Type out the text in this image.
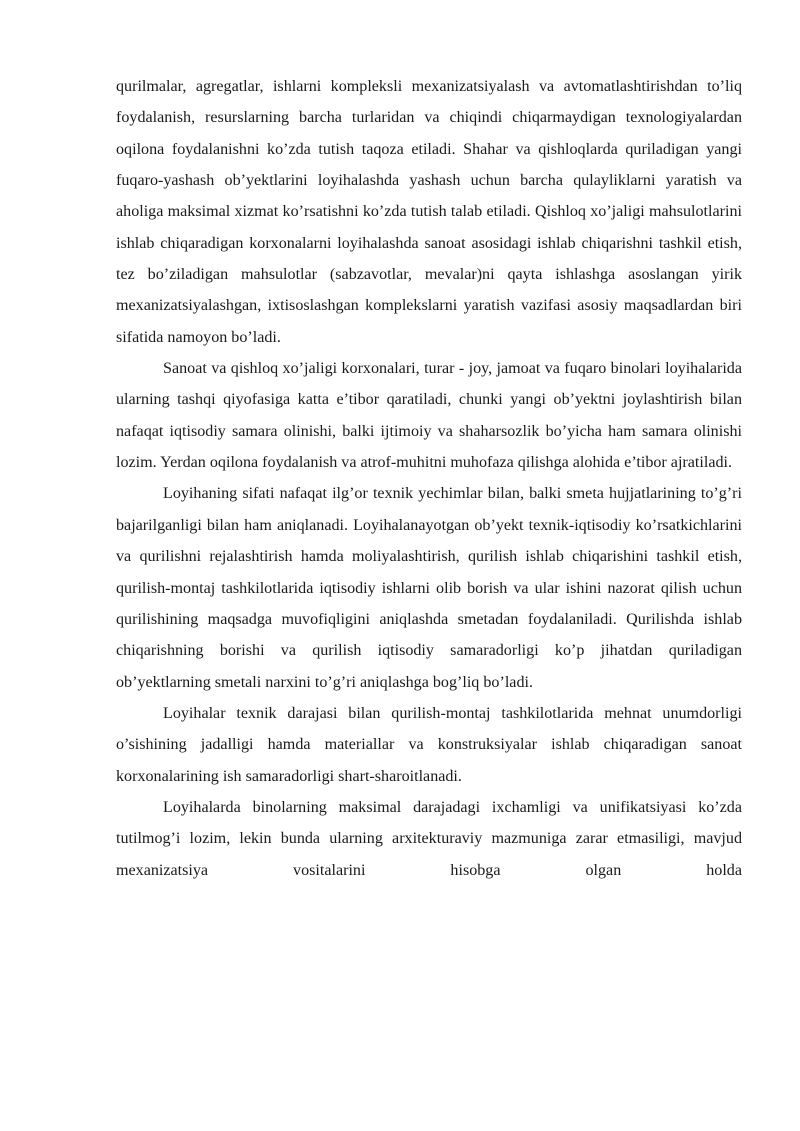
qurilmalar, agregatlar, ishlarni kompleksli mexanizatsiyalash va avtomatlashtirishdan to’liq foydalanish, resurslarning barcha turlaridan va chiqindi chiqarmaydigan texnologiyalardan oqilona foydalanishni ko’zda tutish taqoza etiladi. Shahar va qishloqlarda quriladigan yangi fuqaro-yashash ob’yektlarini loyihalashda yashash uchun barcha qulayliklarni yaratish va aholiga maksimal xizmat ko’rsatishni ko’zda tutish talab etiladi. Qishloq xo’jaligi mahsulotlarini ishlab chiqaradigan korxonalarni loyihalashda sanoat asosidagi ishlab chiqarishni tashkil etish, tez bo’ziladigan mahsulotlar (sabzavotlar, mevalar)ni qayta ishlashga asoslangan yirik mexanizatsiyalashgan, ixtisoslashgan komplekslarni yaratish vazifasi asosiy maqsadlardan biri sifatida namoyon bo’ladi.

Sanoat va qishloq xo’jaligi korxonalari, turar - joy, jamoat va fuqaro binolari loyihalarida ularning tashqi qiyofasiga katta e’tibor qaratiladi, chunki yangi ob’yektni joylashtirish bilan nafaqat iqtisodiy samara olinishi, balki ijtimoiy va shaharsozlik bo’yicha ham samara olinishi lozim. Yerdan oqilona foydalanish va atrof-muhitni muhofaza qilishga alohida e’tibor ajratiladi.

Loyihaning sifati nafaqat ilg’or texnik yechimlar bilan, balki smeta hujjatlarining to’g’ri bajarilganligi bilan ham aniqlanadi. Loyihalanayotgan ob’yekt texnik-iqtisodiy ko’rsatkichlarini va qurilishni rejalashtirish hamda moliyalashtirish, qurilish ishlab chiqarishini tashkil etish, qurilish-montaj tashkilotlarida iqtisodiy ishlarni olib borish va ular ishini nazorat qilish uchun qurilishining maqsadga muvofiqligini aniqlashda smetadan foydalaniladi. Qurilishda ishlab chiqarishning borishi va qurilish iqtisodiy samaradorligi ko’p jihatdan quriladigan ob’yektlarning smetali narxini to’g’ri aniqlashga bog’liq bo’ladi.

Loyihalar texnik darajasi bilan qurilish-montaj tashkilotlarida mehnat unumdorligi o’sishining jadalligi hamda materiallar va konstruksiyalar ishlab chiqaradigan sanoat korxonalarining ish samaradorligi shart-sharoitlanadi.

Loyihalarda binolarning maksimal darajadagi ixchamligi va unifikatsiyasi ko’zda tutilmog’i lozim, lekin bunda ularning arxitekturaviy mazmuniga zarar etmasiligi, mavjud mexanizatsiya vositalarini hisobga olgan holda
